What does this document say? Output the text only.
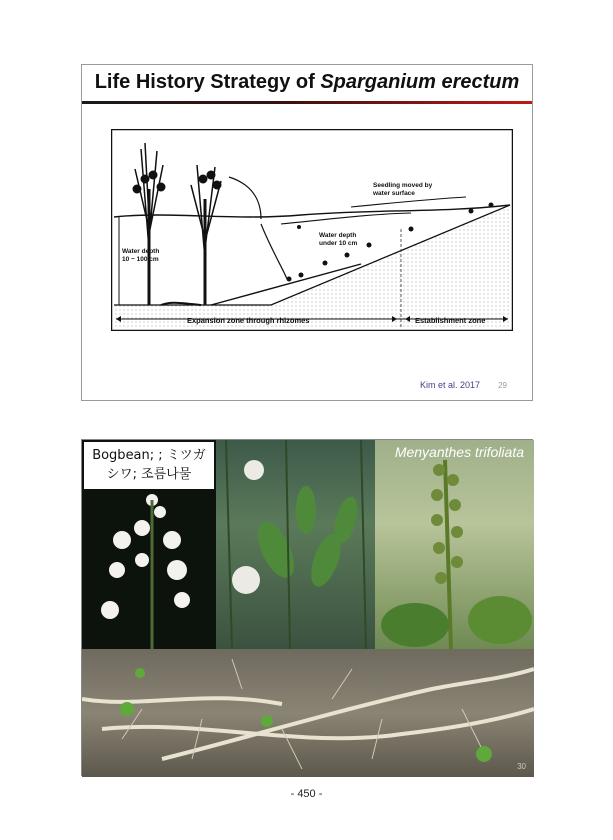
Life History Strategy of Sparganium erectum
Water depth
10 ~ 100 cm
Water depth
under 10 cm
Seedling moved by
water surface
Expansion zone through rhizomes	Establishment zone
Kim et al. 2017 29
Bogbean; ; ミツガ
シワ; 조름나물
Menyanthes trifoliata
30
- 450 -
